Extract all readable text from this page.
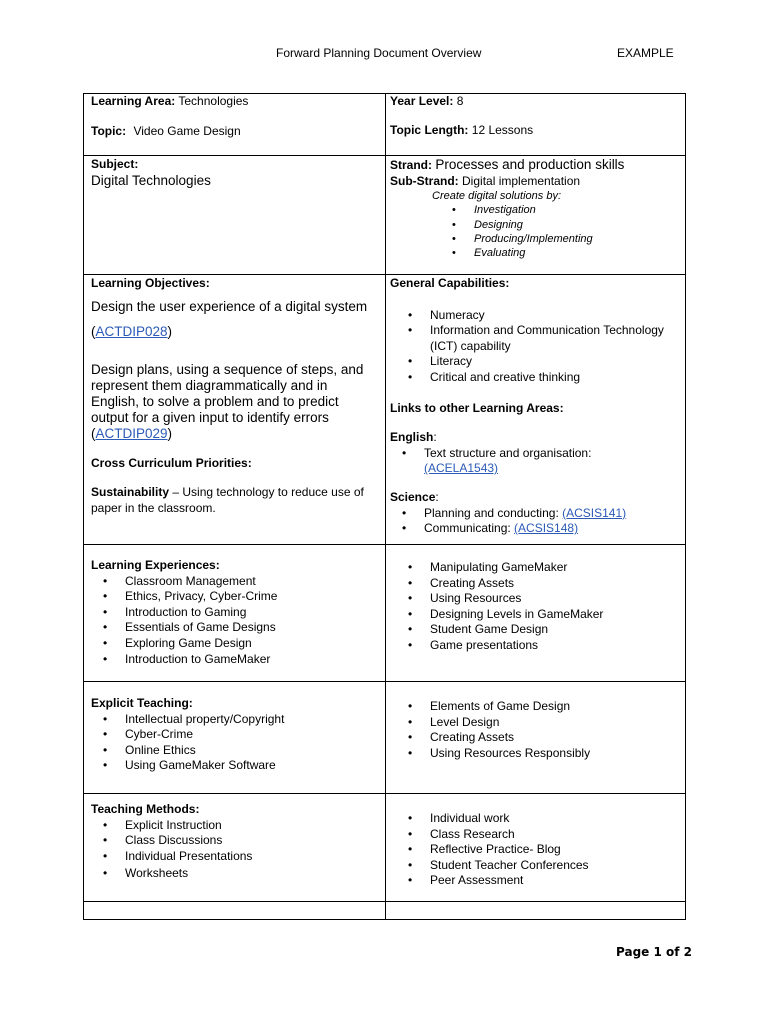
Forward Planning Document Overview	EXAMPLE
Learning Area: Technologies
Topic: Video Game Design
Year Level: 8
Topic Length: 12 Lessons
Subject:
Digital Technologies
Strand: Processes and production skills
Sub-Strand: Digital implementation
Create digital solutions by:
• Investigation
• Designing
• Producing/Implementing
• Evaluating
Learning Objectives:
Design the user experience of a digital system
(ACTDIP028)
Design plans, using a sequence of steps, and represent them diagrammatically and in English, to solve a problem and to predict output for a given input to identify errors (ACTDIP029)
Cross Curriculum Priorities:
Sustainability – Using technology to reduce use of paper in the classroom.
General Capabilities:
• Numeracy
• Information and Communication Technology (ICT) capability
• Literacy
• Critical and creative thinking
Links to other Learning Areas:
English:
• Text structure and organisation:
(ACELA1543)
Science:
• Planning and conducting: (ACSIS141)
• Communicating: (ACSIS148)
Learning Experiences:
• Classroom Management
• Ethics, Privacy, Cyber-Crime
• Introduction to Gaming
• Essentials of Game Designs
• Exploring Game Design
• Introduction to GameMaker
• Manipulating GameMaker
• Creating Assets
• Using Resources
• Designing Levels in GameMaker
• Student Game Design
• Game presentations
Explicit Teaching:
• Intellectual property/Copyright
• Cyber-Crime
• Online Ethics
• Using GameMaker Software
• Elements of Game Design
• Level Design
• Creating Assets
• Using Resources Responsibly
Teaching Methods:
• Explicit Instruction
• Class Discussions
• Individual Presentations
• Worksheets
• Individual work
• Class Research
• Reflective Practice- Blog
• Student Teacher Conferences
• Peer Assessment
Page 1 of 2
